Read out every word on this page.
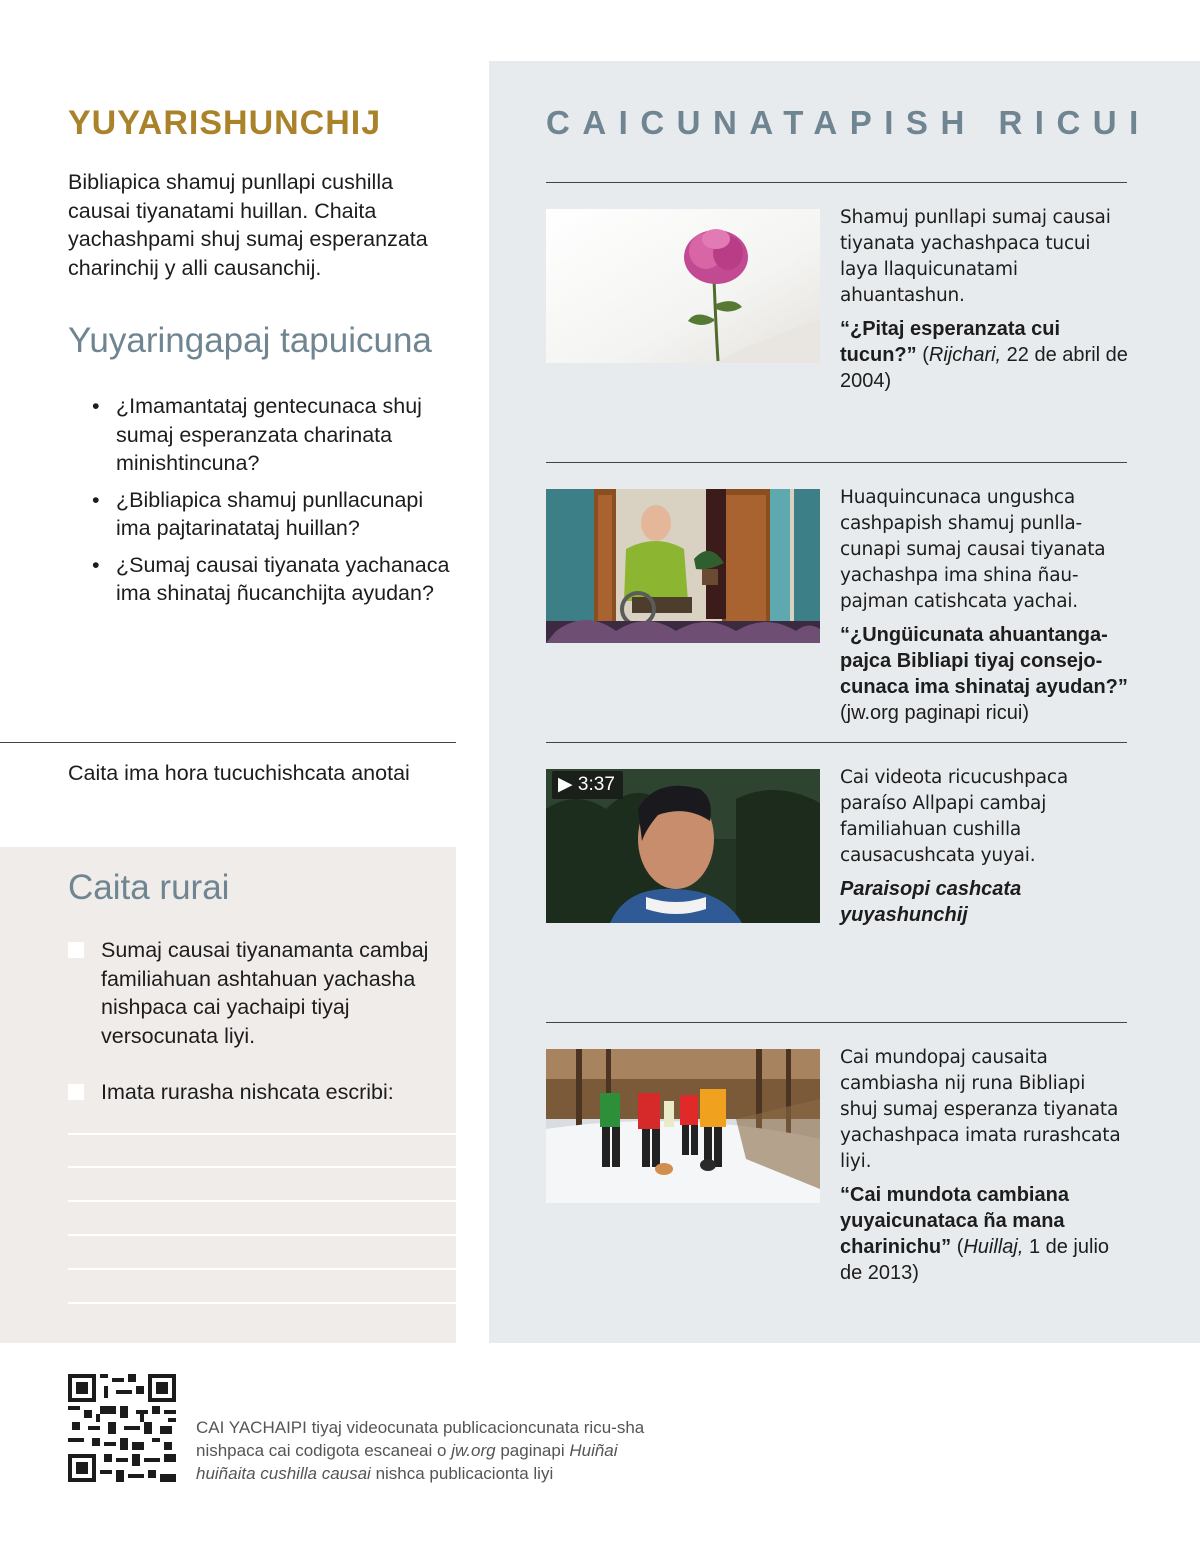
YUYARISHUNCHIJ

Bibliapica shamuj punllapi cushilla causai tiyanatami huillan. Chaita yachashpami shuj sumaj esperanzata charinchij y alli causanchij.

Yuyaringapaj tapuicuna
• ¿Imamantataj gentecunaca shuj sumaj esperanzata charinata minishtincuna?
• ¿Bibliapica shamuj punllacunapi ima pajtarinatataj huillan?
• ¿Sumaj causai tiyanata yachanaca ima shinataj ñucanchijta ayudan?
Caita ima hora tucuchishcata anotai
Caita rurai
Sumaj causai tiyanamanta cambaj familiahuan ashtahuan yachasha nishpaca cai yachaipi tiyaj versocunata liyi.
Imata rurasha nishcata escribi:
CAICUNATAPISH RICUI

Shamuj punllapi sumaj causai tiyanata yachashpaca tucui laya llaquicunatami ahuantashun.

“¿Pitaj esperanzata cui tucun?” (Rijchari, 22 de abril de 2004)

Huaquincunaca ungushca cashpapish shamuj punlla-cunapi sumaj causai tiyanata yachashpa ima shina ñau-pajman catishcata yachai.

“¿Ungüicunata ahuantanga-pajca Bibliapi tiyaj consejo-cunaca ima shinataj ayudan?” (jw.org paginapi ricui)

▶ 3:37	Cai videota ricucushpaca paraíso Allpapi cambaj familiahuan cushilla causacushcata yuyai.

Paraisopi cashcata yuyashunchij

Cai mundopaj causaita cambiasha nij runa Bibliapi shuj sumaj esperanza tiyanata yachashpaca imata rurashcata liyi.

“Cai mundota cambiana yuyaicunataca ña mana charinichu” (Huillaj, 1 de julio de 2013)

CAI YACHAIPI tiyaj videocunata publicacioncunata ricu-sha nishpaca cai codigota escaneai o jw.org paginapi Huiñai huiñaita cushilla causai nishca publicacionta liyi
